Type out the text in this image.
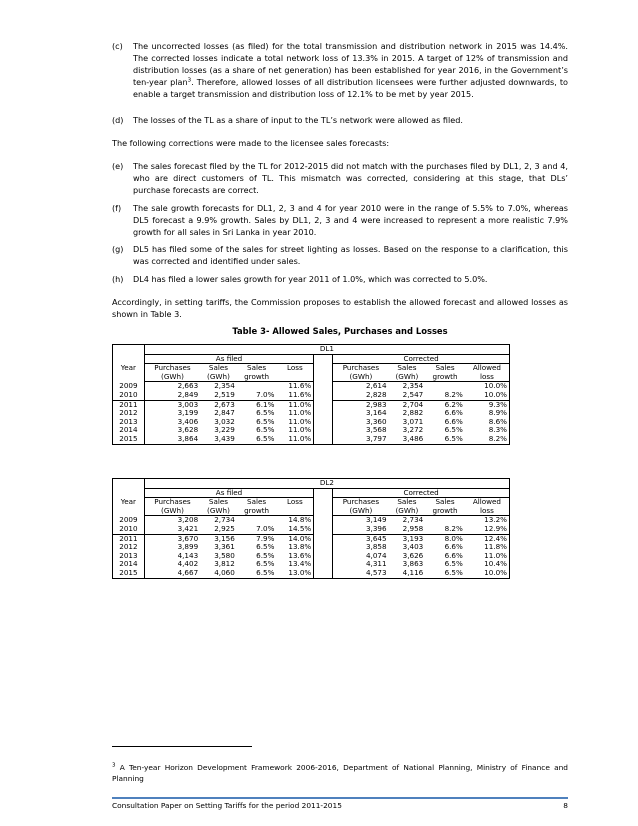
(c) The uncorrected losses (as filed) for the total transmission and distribution network in 2015 was 14.4%. The corrected losses indicate a total network loss of 13.3% in 2015. A target of 12% of transmission and distribution losses (as a share of net generation) has been established for year 2016, in the Government’s ten-year plan$^3$. Therefore, allowed losses of all distribution licensees were further adjusted downwards, to enable a target transmission and distribution loss of 12.1% to be met by year 2015.
(d) The losses of the TL as a share of input to the TL’s network were allowed as filed.
The following corrections were made to the licensee sales forecasts:
(e) The sales forecast filed by the TL for 2012-2015 did not match with the purchases filed by DL1, 2, 3 and 4, who are direct customers of TL. This mismatch was corrected, considering at this stage, that DLs’ purchase forecasts are correct.
(f) The sale growth forecasts for DL1, 2, 3 and 4 for year 2010 were in the range of 5.5% to 7.0%, whereas DL5 forecast a 9.9% growth. Sales by DL1, 2, 3 and 4 were increased to represent a more realistic 7.9% growth for all sales in Sri Lanka in year 2010.
(g) DL5 has filed some of the sales for street lighting as losses. Based on the response to a clarification, this was corrected and identified under sales.
(h) DL4 has filed a lower sales growth for year 2011 of 1.0%, which was corrected to 5.0%.
Accordingly, in setting tariffs, the Commission proposes to establish the allowed forecast and allowed losses as shown in Table 3.
Table 3- Allowed Sales, Purchases and Losses
	DL1								
Year	As filed					Corrected			
	Purchases	Sales	Sales	Loss		Purchases	Sales	Sales	Allowed
	(GWh)	(GWh)	growth			(GWh)	(GWh)	growth	loss
2009	2,663	2,354		11.6%		2,614	2,354		10.0%
2010	2,849	2,519	7.0%	11.6%		2,828	2,547	8.2%	10.0%
2011	3,003	2,673	6.1%	11.0%		2,983	2,704	6.2%	9.3%
2012	3,199	2,847	6.5%	11.0%		3,164	2,882	6.6%	8.9%
2013	3,406	3,032	6.5%	11.0%		3,360	3,071	6.6%	8.6%
2014	3,628	3,229	6.5%	11.0%		3,568	3,272	6.5%	8.3%
2015	3,864	3,439	6.5%	11.0%		3,797	3,486	6.5%	8.2%
	DL2								
Year	As filed					Corrected			
	Purchases	Sales	Sales	Loss		Purchases	Sales	Sales	Allowed
	(GWh)	(GWh)	growth			(GWh)	(GWh)	growth	loss
2009	3,208	2,734		14.8%		3,149	2,734		13.2%
2010	3,421	2,925	7.0%	14.5%		3,396	2,958	8.2%	12.9%
2011	3,670	3,156	7.9%	14.0%		3,645	3,193	8.0%	12.4%
2012	3,899	3,361	6.5%	13.8%		3,858	3,403	6.6%	11.8%
2013	4,143	3,580	6.5%	13.6%		4,074	3,626	6.6%	11.0%
2014	4,402	3,812	6.5%	13.4%		4,311	3,863	6.5%	10.4%
2015	4,667	4,060	6.5%	13.0%		4,573	4,116	6.5%	10.0%
$^3$ A Ten-year Horizon Development Framework 2006-2016, Department of National Planning, Ministry of Finance and Planning
Consultation Paper on Setting Tariffs for the period 2011-2015	8
